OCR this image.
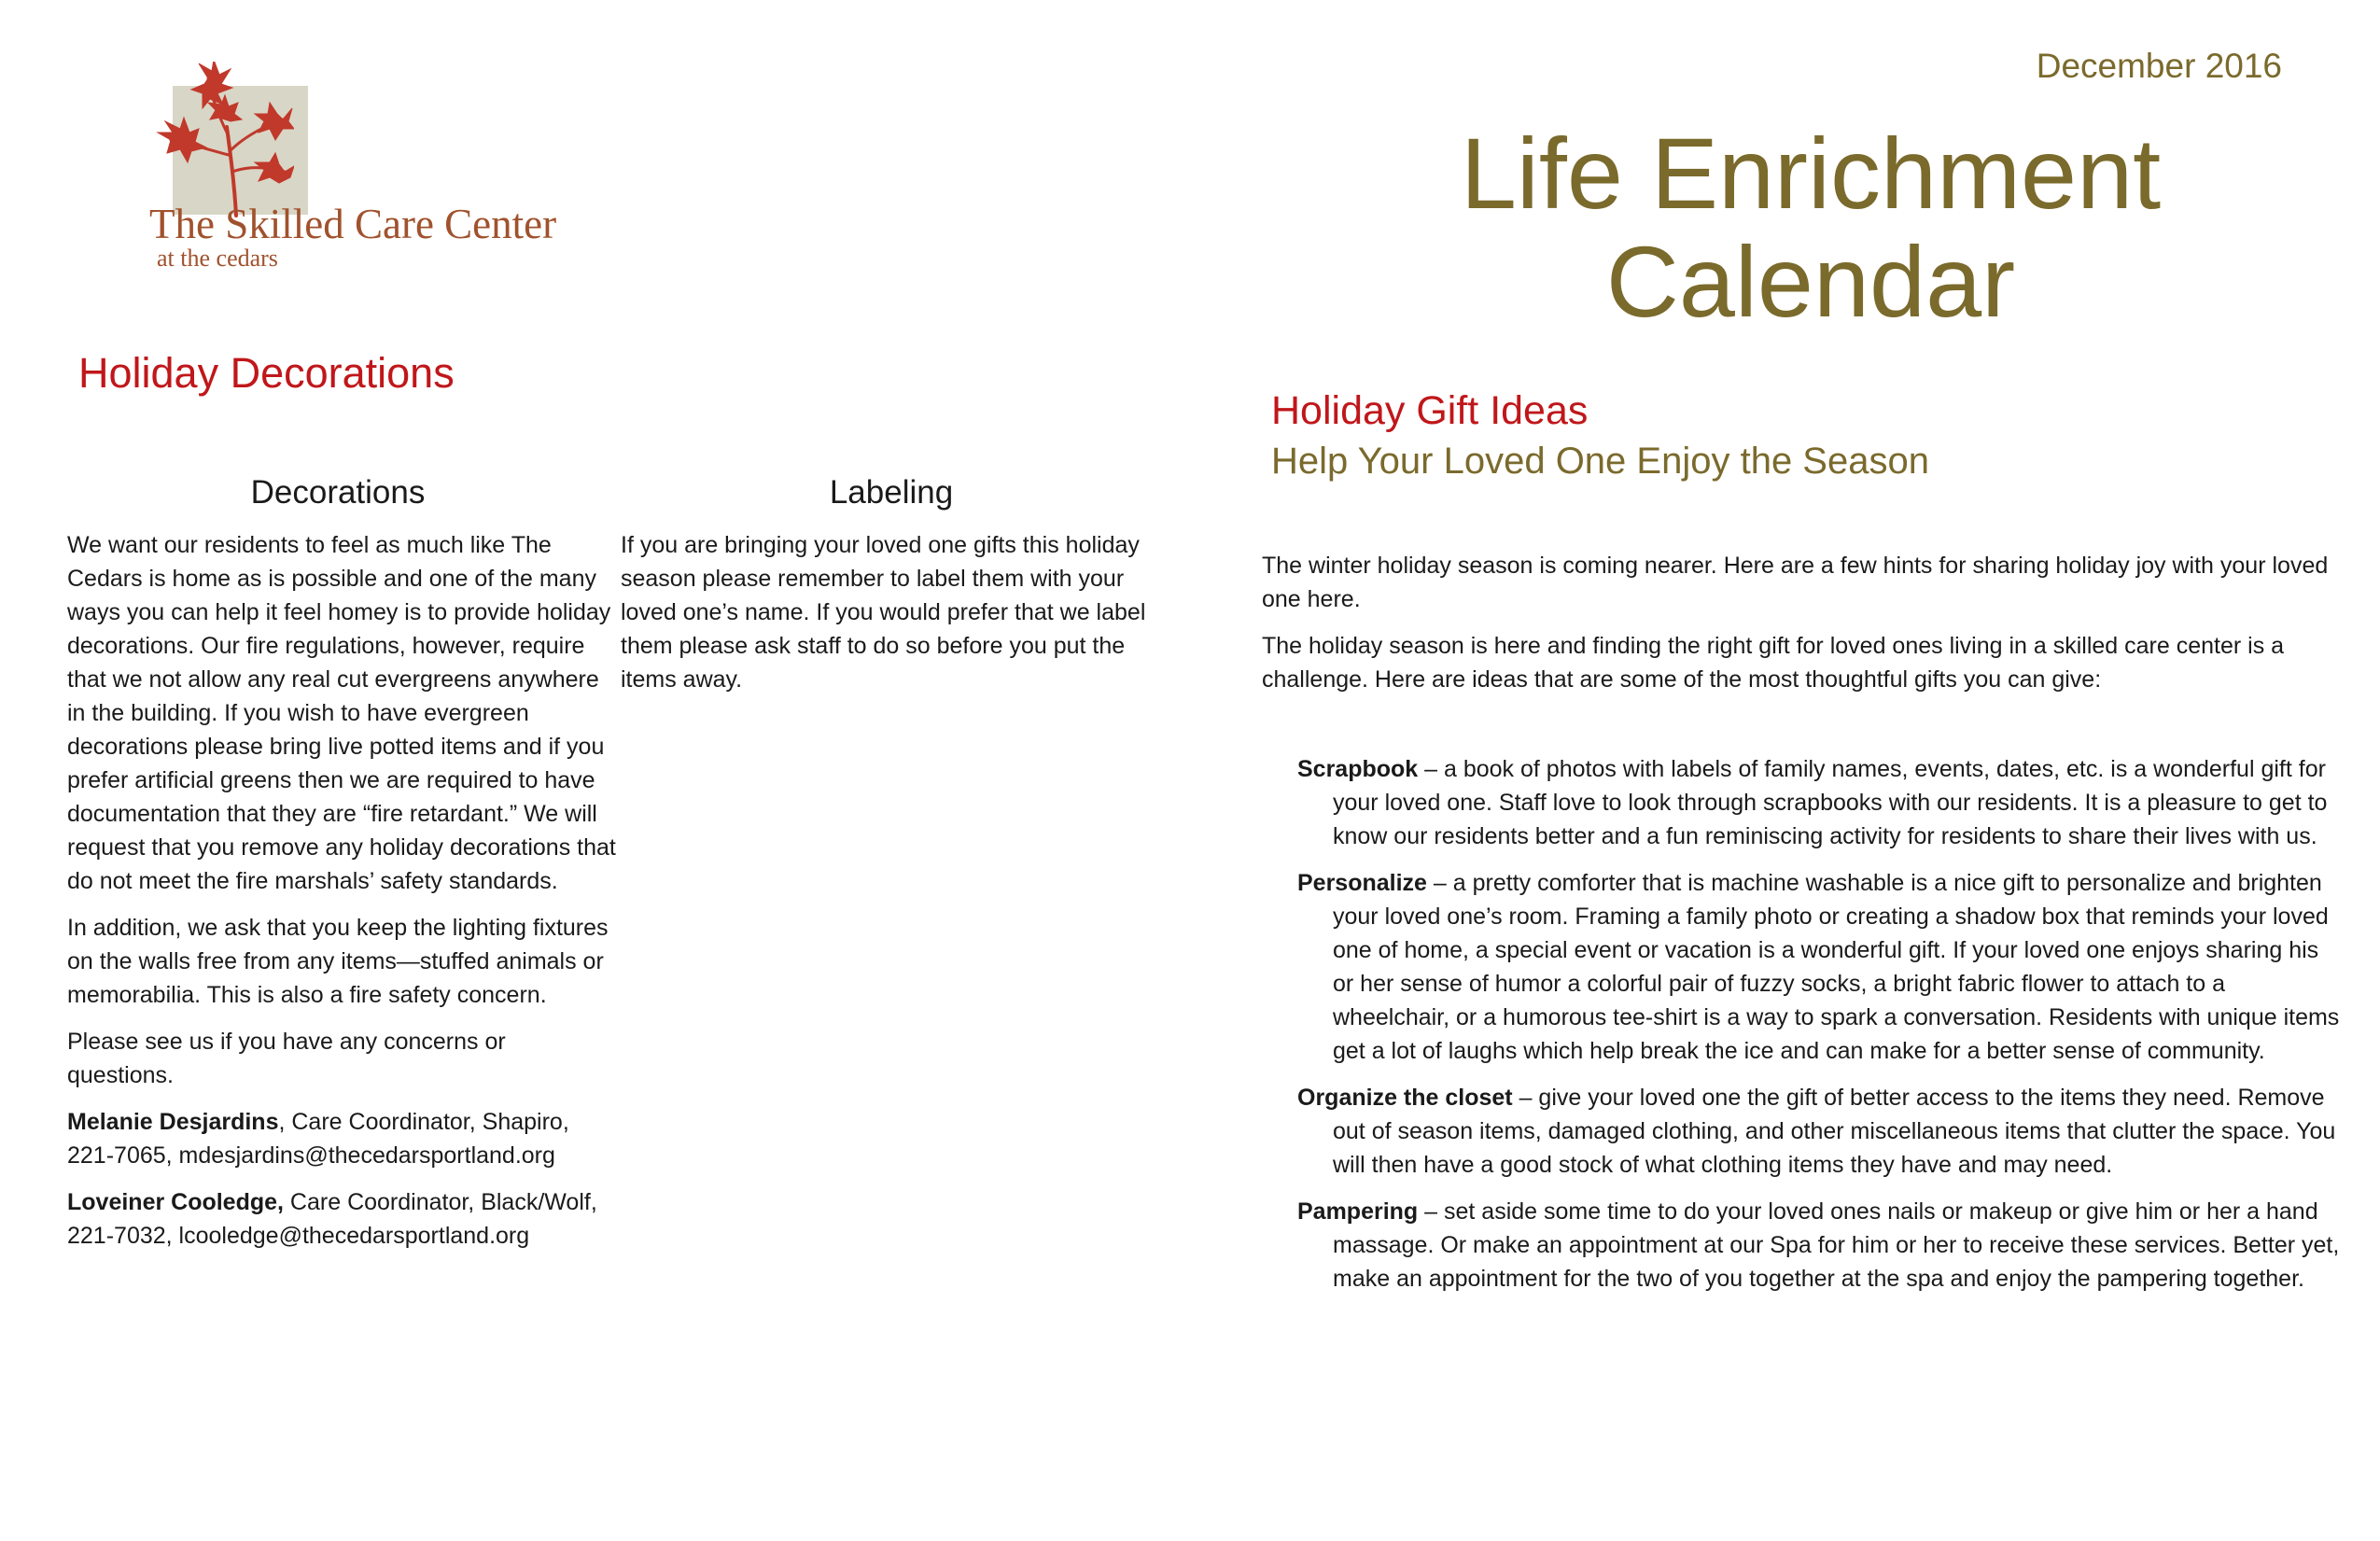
The Skilled Care Center
at the cedars
December 2016
Life Enrichment
Calendar
Holiday Decorations
Decorations	Labeling

We want our residents to feel as much like The Cedars is home as is possible and one of the many ways you can help it feel homey is to provide holiday decorations. Our fire regulations, however, require that we not allow any real cut evergreens anywhere in the building. If you wish to have evergreen decorations please bring live potted items and if you prefer artificial greens then we are required to have documentation that they are “fire retardant.” We will request that you remove any holiday decorations that do not meet the fire marshals’ safety standards.

In addition, we ask that you keep the lighting fixtures on the walls free from any items—stuffed animals or memorabilia. This is also a fire safety concern.

Please see us if you have any concerns or questions.

Melanie Desjardins, Care Coordinator, Shapiro, 221-7065, mdesjardins@thecedarsportland.org

Loveiner Cooledge, Care Coordinator, Black/Wolf, 221-7032, lcooledge@thecedarsportland.org

If you are bringing your loved one gifts this holiday season please remember to label them with your loved one’s name. If you would prefer that we label them please ask staff to do so before you put the items away.

Holiday Gift Ideas
Help Your Loved One Enjoy the Season

The winter holiday season is coming nearer. Here are a few hints for sharing holiday joy with your loved one here.

The holiday season is here and finding the right gift for loved ones living in a skilled care center is a challenge. Here are ideas that are some of the most thoughtful gifts you can give:

Scrapbook – a book of photos with labels of family names, events, dates, etc. is a wonderful gift for your loved one. Staff love to look through scrapbooks with our residents. It is a pleasure to get to know our residents better and a fun reminiscing activity for residents to share their lives with us.
Personalize – a pretty comforter that is machine washable is a nice gift to personalize and brighten your loved one’s room. Framing a family photo or creating a shadow box that reminds your loved one of home, a special event or vacation is a wonderful gift. If your loved one enjoys sharing his or her sense of humor a colorful pair of fuzzy socks, a bright fabric flower to attach to a wheelchair, or a humorous tee-shirt is a way to spark a conversation. Residents with unique items get a lot of laughs which help break the ice and can make for a better sense of community.
Organize the closet – give your loved one the gift of better access to the items they need. Remove out of season items, damaged clothing, and other miscellaneous items that clutter the space. You will then have a good stock of what clothing items they have and may need.
Pampering – set aside some time to do your loved ones nails or makeup or give him or her a hand massage. Or make an appointment at our Spa for him or her to receive these services. Better yet, make an appointment for the two of you together at the spa and enjoy the pampering together.
